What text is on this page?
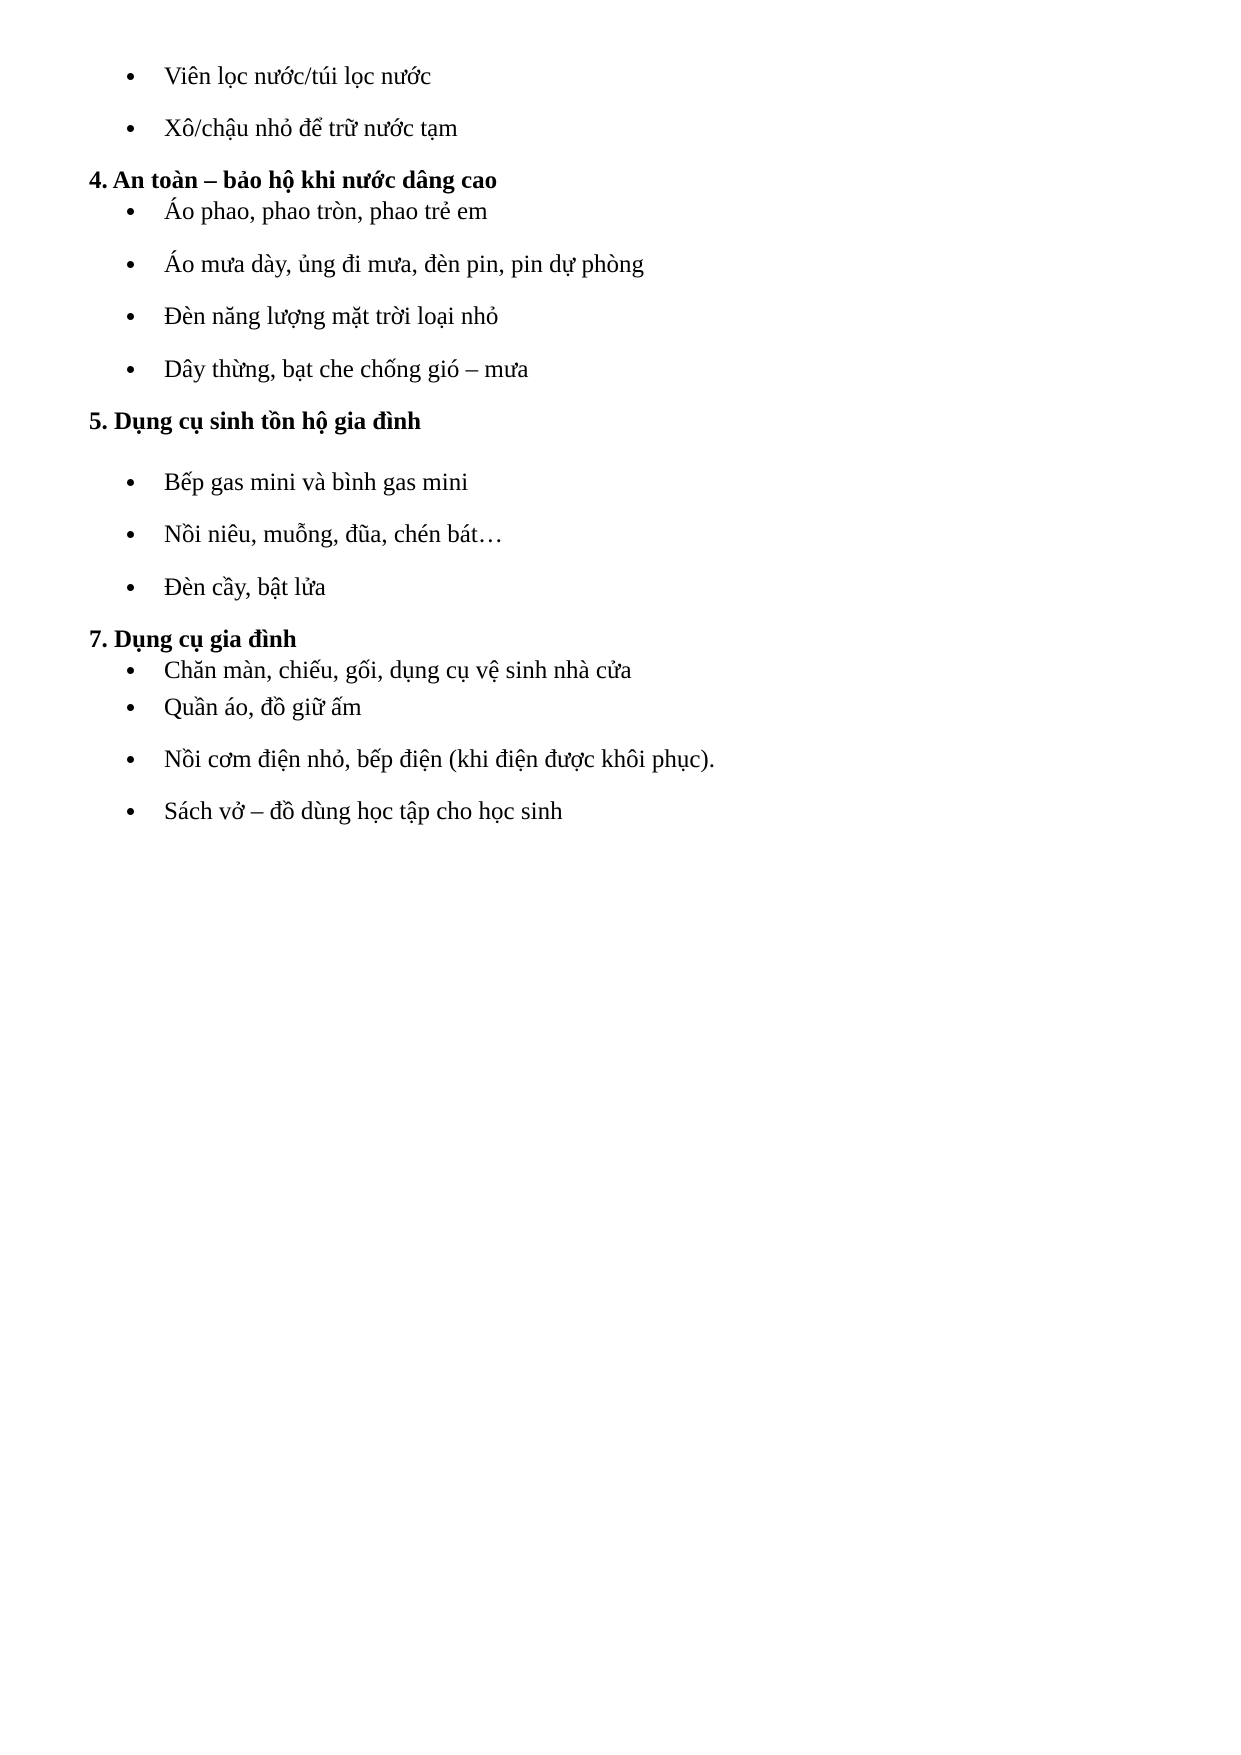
Viên lọc nước/túi lọc nước
Xô/chậu nhỏ để trữ nước tạm
4. An toàn – bảo hộ khi nước dâng cao
Áo phao, phao tròn, phao trẻ em
Áo mưa dày, ủng đi mưa, đèn pin, pin dự phòng
Đèn năng lượng mặt trời loại nhỏ
Dây thừng, bạt che chống gió – mưa
5. Dụng cụ sinh tồn hộ gia đình
Bếp gas mini và bình gas mini
Nồi niêu, muỗng, đũa, chén bát…
Đèn cầy, bật lửa
7. Dụng cụ gia đình
Chăn màn, chiếu, gối, dụng cụ vệ sinh nhà cửa
Quần áo, đồ giữ ấm
Nồi cơm điện nhỏ, bếp điện (khi điện được khôi phục).
Sách vở – đồ dùng học tập cho học sinh
